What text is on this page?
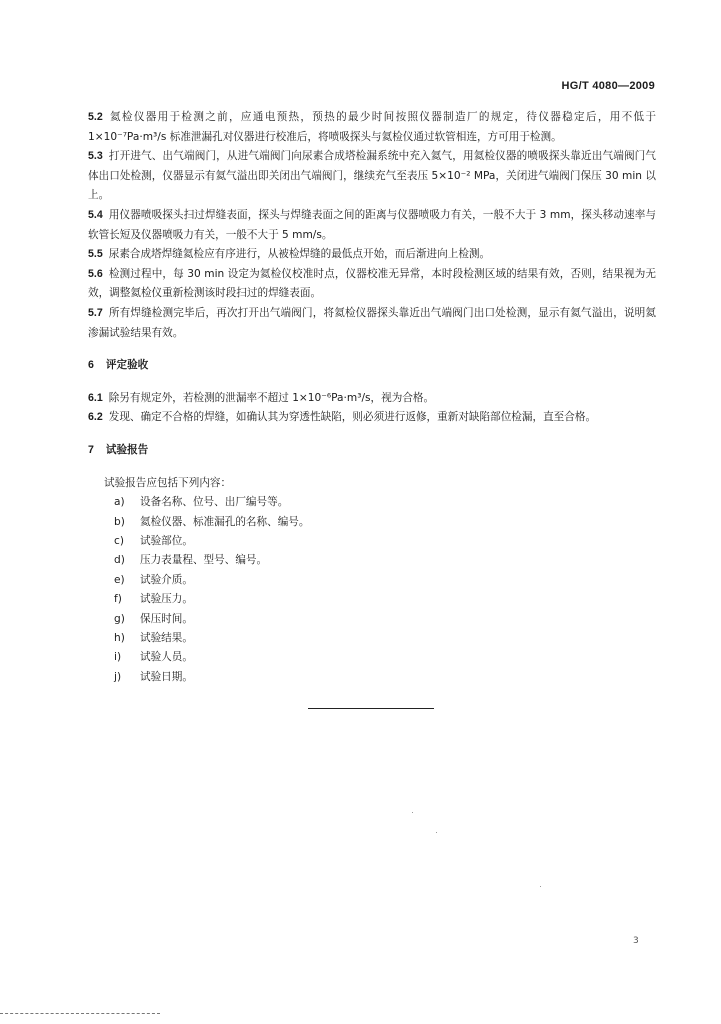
HG/T 4080—2009

5.2 氦检仪器用于检测之前，应通电预热，预热的最少时间按照仪器制造厂的规定，待仪器稳定后，用不低于 1×10⁻⁷Pa·m³/s 标准泄漏孔对仪器进行校准后，将喷吸探头与氦检仪通过软管相连，方可用于检测。

5.3 打开进气、出气端阀门，从进气端阀门向尿素合成塔检漏系统中充入氦气，用氦检仪器的喷吸探头靠近出气端阀门气体出口处检测，仪器显示有氦气溢出即关闭出气端阀门，继续充气至表压 5×10⁻² MPa，关闭进气端阀门保压 30 min 以上。

5.4 用仪器喷吸探头扫过焊缝表面，探头与焊缝表面之间的距离与仪器喷吸力有关，一般不大于 3 mm，探头移动速率与软管长短及仪器喷吸力有关，一般不大于 5 mm/s。

5.5 尿素合成塔焊缝氦检应有序进行，从被检焊缝的最低点开始，而后渐进向上检测。

5.6 检测过程中，每 30 min 设定为氦检仪校准时点，仪器校准无异常，本时段检测区域的结果有效，否则，结果视为无效，调整氦检仪重新检测该时段扫过的焊缝表面。

5.7 所有焊缝检测完毕后，再次打开出气端阀门，将氦检仪器探头靠近出气端阀门出口处检测，显示有氦气溢出，说明氦渗漏试验结果有效。

6 评定验收

6.1 除另有规定外，若检测的泄漏率不超过 1×10⁻⁶Pa·m³/s，视为合格。

6.2 发现、确定不合格的焊缝，如确认其为穿透性缺陷，则必须进行返修，重新对缺陷部位检漏，直至合格。

7 试验报告

试验报告应包括下列内容：

a) 设备名称、位号、出厂编号等。
b) 氦检仪器、标准漏孔的名称、编号。
c) 试验部位。
d) 压力表量程、型号、编号。
e) 试验介质。
f) 试验压力。
g) 保压时间。
h) 试验结果。
i) 试验人员。
j) 试验日期。
3
